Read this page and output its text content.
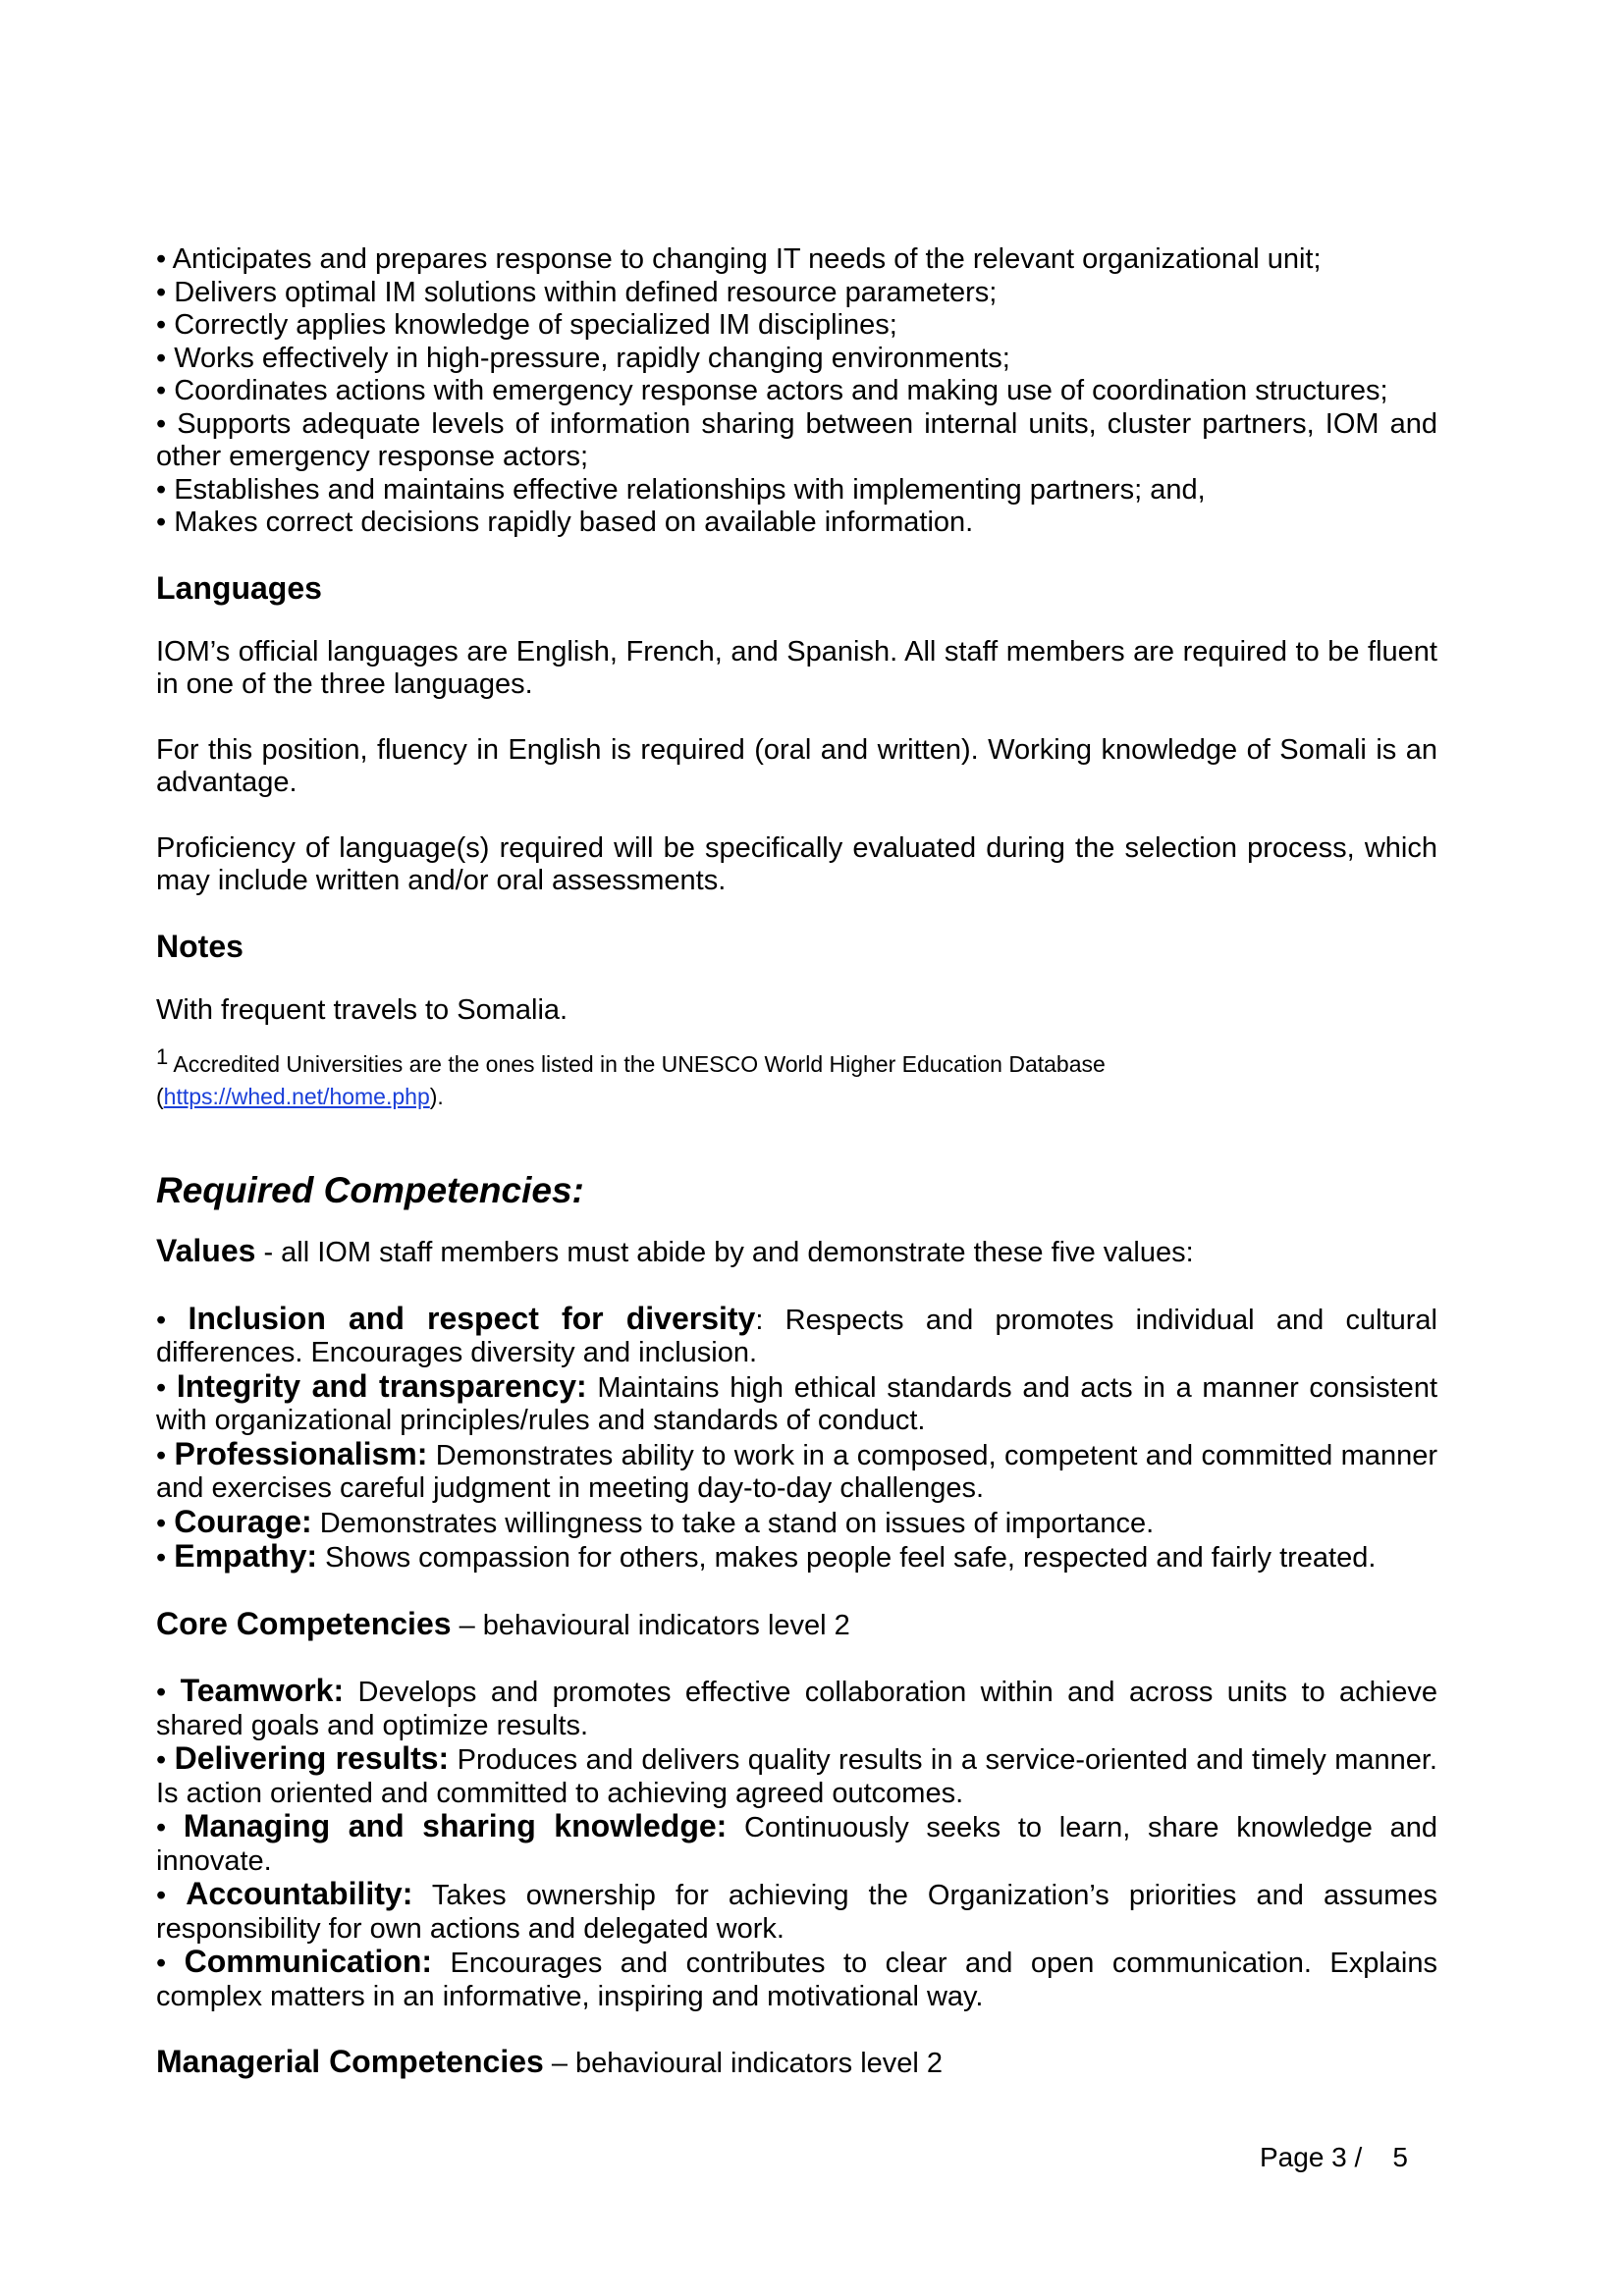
• Anticipates and prepares response to changing IT needs of the relevant organizational unit;

• Delivers optimal IM solutions within defined resource parameters;

• Correctly applies knowledge of specialized IM disciplines;

• Works effectively in high-pressure, rapidly changing environments;

• Coordinates actions with emergency response actors and making use of coordination structures;

• Supports adequate levels of information sharing between internal units, cluster partners, IOM and other emergency response actors;

• Establishes and maintains effective relationships with implementing partners; and,

• Makes correct decisions rapidly based on available information.

Languages

IOM’s official languages are English, French, and Spanish. All staff members are required to be fluent in one of the three languages.

For this position, fluency in English is required (oral and written). Working knowledge of Somali is an advantage.

Proficiency of language(s) required will be specifically evaluated during the selection process, which may include written and/or oral assessments.

Notes

With frequent travels to Somalia.

$^1$ Accredited Universities are the ones listed in the UNESCO World Higher Education Database
(https://whed.net/home.php).

Required Competencies:

Values - all IOM staff members must abide by and demonstrate these five values:

• Inclusion and respect for diversity: Respects and promotes individual and cultural differences. Encourages diversity and inclusion.

• Integrity and transparency: Maintains high ethical standards and acts in a manner consistent with organizational principles/rules and standards of conduct.

• Professionalism: Demonstrates ability to work in a composed, competent and committed manner and exercises careful judgment in meeting day-to-day challenges.

• Courage: Demonstrates willingness to take a stand on issues of importance.

• Empathy: Shows compassion for others, makes people feel safe, respected and fairly treated.

Core Competencies – behavioural indicators level 2

• Teamwork: Develops and promotes effective collaboration within and across units to achieve shared goals and optimize results.

• Delivering results: Produces and delivers quality results in a service-oriented and timely manner. Is action oriented and committed to achieving agreed outcomes.

• Managing and sharing knowledge: Continuously seeks to learn, share knowledge and innovate.

• Accountability: Takes ownership for achieving the Organization’s priorities and assumes responsibility for own actions and delegated work.

• Communication: Encourages and contributes to clear and open communication. Explains complex matters in an informative, inspiring and motivational way.

Managerial Competencies – behavioural indicators level 2

Page 3 /    5
